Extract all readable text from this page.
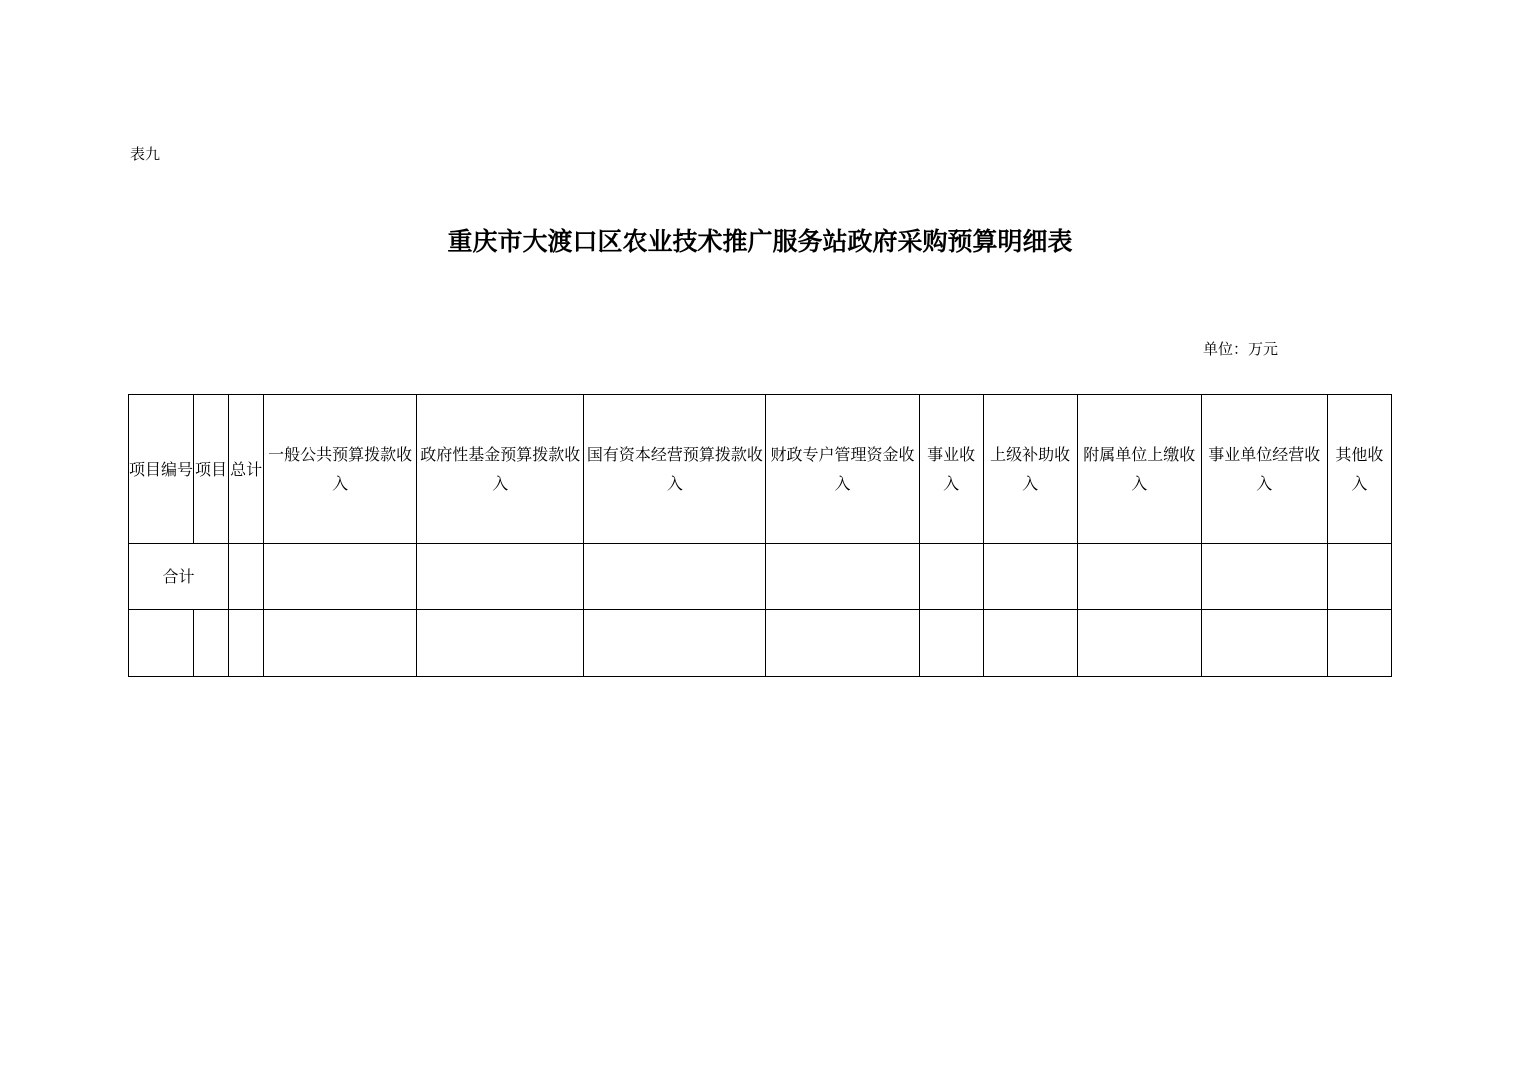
表九
重庆市大渡口区农业技术推广服务站政府采购预算明细表
单位：万元
项目编号	项目	总计	一般公共预算拨款收入	政府性基金预算拨款收入	国有资本经营预算拨款收入	财政专户管理资金收入	事业收入	上级补助收入	附属单位上缴收入	事业单位经营收入	其他收入
合计											
